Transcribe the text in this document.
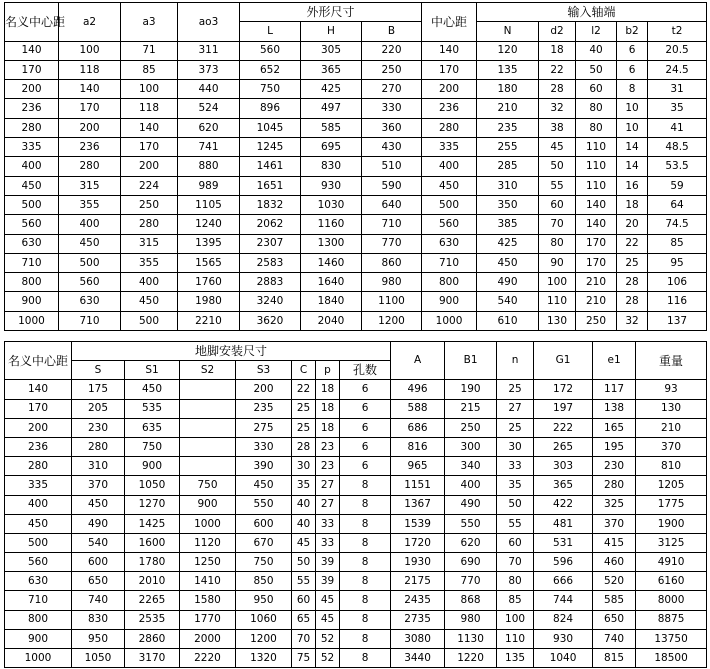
名义中心距	a2	a3	ao3	外形尺寸			中心距	输入轴端				
				L	H	B		N	d2	l2	b2	t2
140	100	71	311	560	305	220	140	120	18	40	6	20.5
170	118	85	373	652	365	250	170	135	22	50	6	24.5
200	140	100	440	750	425	270	200	180	28	60	8	31
236	170	118	524	896	497	330	236	210	32	80	10	35
280	200	140	620	1045	585	360	280	235	38	80	10	41
335	236	170	741	1245	695	430	335	255	45	110	14	48.5
400	280	200	880	1461	830	510	400	285	50	110	14	53.5
450	315	224	989	1651	930	590	450	310	55	110	16	59
500	355	250	1105	1832	1030	640	500	350	60	140	18	64
560	400	280	1240	2062	1160	710	560	385	70	140	20	74.5
630	450	315	1395	2307	1300	770	630	425	80	170	22	85
710	500	355	1565	2583	1460	860	710	450	90	170	25	95
800	560	400	1760	2883	1640	980	800	490	100	210	28	106
900	630	450	1980	3240	1840	1100	900	540	110	210	28	116
1000	710	500	2210	3620	2040	1200	1000	610	130	250	32	137
名义中心距	地脚安装尺寸							A	B1	n	G1	e1	重量
	S	S1	S2	S3	C	p	孔数						
140	175	450		200	22	18	6	496	190	25	172	117	93
170	205	535		235	25	18	6	588	215	27	197	138	130
200	230	635		275	25	18	6	686	250	25	222	165	210
236	280	750		330	28	23	6	816	300	30	265	195	370
280	310	900		390	30	23	6	965	340	33	303	230	810
335	370	1050	750	450	35	27	8	1151	400	35	365	280	1205
400	450	1270	900	550	40	27	8	1367	490	50	422	325	1775
450	490	1425	1000	600	40	33	8	1539	550	55	481	370	1900
500	540	1600	1120	670	45	33	8	1720	620	60	531	415	3125
560	600	1780	1250	750	50	39	8	1930	690	70	596	460	4910
630	650	2010	1410	850	55	39	8	2175	770	80	666	520	6160
710	740	2265	1580	950	60	45	8	2435	868	85	744	585	8000
800	830	2535	1770	1060	65	45	8	2735	980	100	824	650	8875
900	950	2860	2000	1200	70	52	8	3080	1130	110	930	740	13750
1000	1050	3170	2220	1320	75	52	8	3440	1220	135	1040	815	18500
